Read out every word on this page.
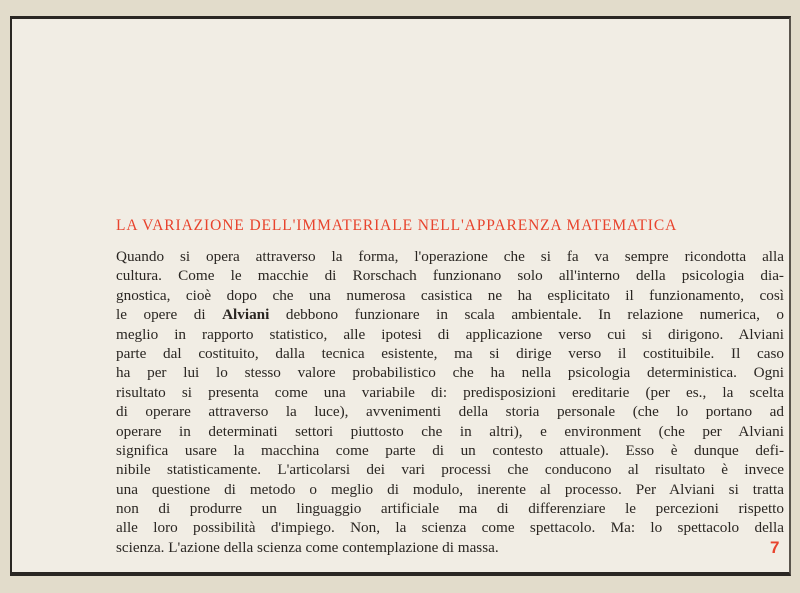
LA VARIAZIONE DELL'IMMATERIALE NELL'APPARENZA MATEMATICA
Quando si opera attraverso la forma, l'operazione che si fa va sempre ricondotta alla
cultura. Come le macchie di Rorschach funzionano solo all'interno della psicologia dia-
gnostica, cioè dopo che una numerosa casistica ne ha esplicitato il funzionamento, così
le opere di Alviani debbono funzionare in scala ambientale. In relazione numerica, o
meglio in rapporto statistico, alle ipotesi di applicazione verso cui si dirigono. Alviani
parte dal costituito, dalla tecnica esistente, ma si dirige verso il costituibile. Il caso
ha per lui lo stesso valore probabilistico che ha nella psicologia deterministica. Ogni
risultato si presenta come una variabile di: predisposizioni ereditarie (per es., la scelta
di operare attraverso la luce), avvenimenti della storia personale (che lo portano ad
operare in determinati settori piuttosto che in altri), e environment (che per Alviani
significa usare la macchina come parte di un contesto attuale). Esso è dunque defi-
nibile statisticamente. L'articolarsi dei vari processi che conducono al risultato è invece
una questione di metodo o meglio di modulo, inerente al processo. Per Alviani si tratta
non di produrre un linguaggio artificiale ma di differenziare le percezioni rispetto
alle loro possibilità d'impiego. Non, la scienza come spettacolo. Ma: lo spettacolo della
scienza. L'azione della scienza come contemplazione di massa.	7
